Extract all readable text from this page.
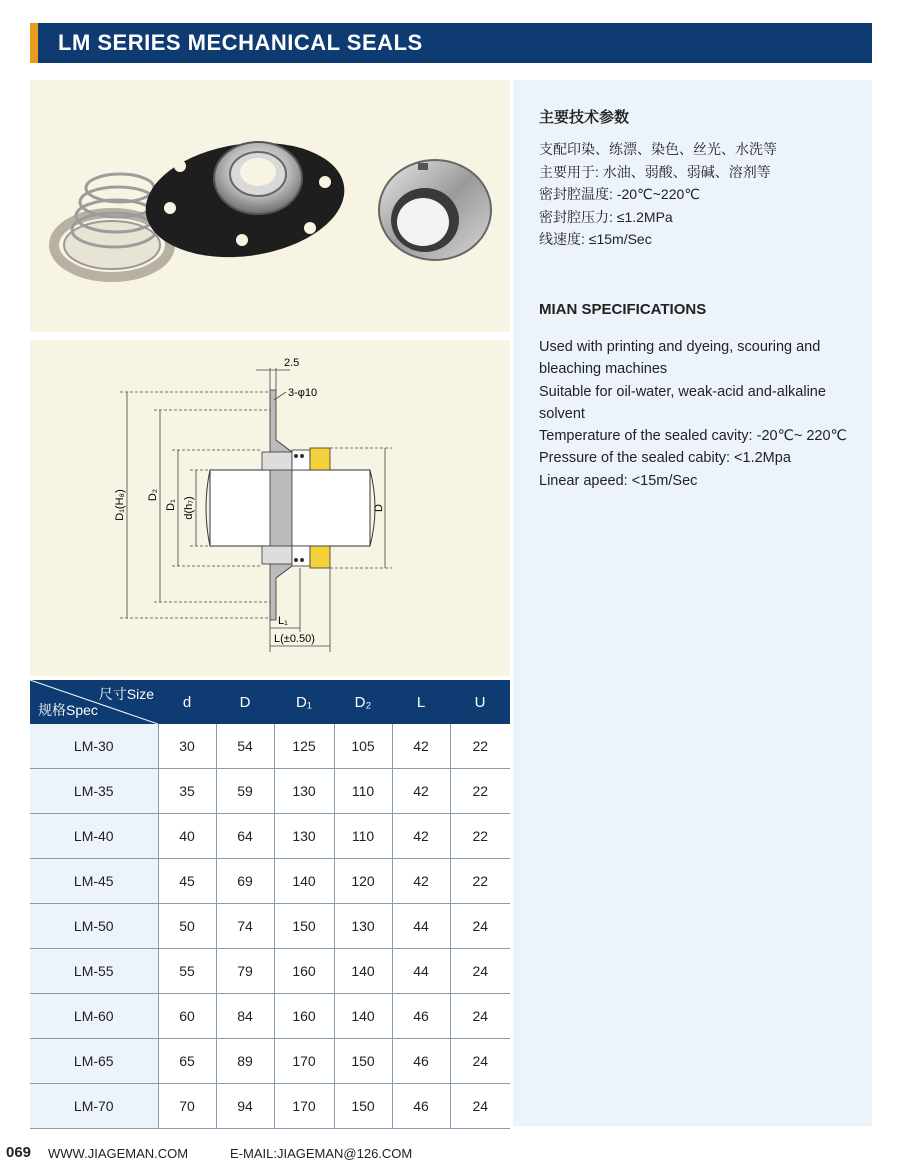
LM SERIES MECHANICAL SEALS
2.5
3-φ10
D₁(H₈) D₂
D₁ d(h₇)	D
L₁
L(±0.50)
主要技术参数
支配印染、练漂、染色、丝光、水洗等
主要用于: 水油、弱酸、弱碱、溶剂等
密封腔温度: -20℃~220℃
密封腔压力: ≤1.2MPa
线速度: ≤15m/Sec
MIAN SPECIFICATIONS
Used with printing and dyeing, scouring and bleaching machines
Suitable for oil-water, weak-acid and-alkaline solvent
Temperature of the sealed cavity: -20℃~ 220℃
Pressure of the sealed cabity: <1.2Mpa
Linear apeed: <15m/Sec
尺寸Size
规格Spec	d	D	D₁	D₂	L	U
LM-30	30	54	125	105	42	22
LM-35	35	59	130	110	42	22
LM-40	40	64	130	110	42	22
LM-45	45	69	140	120	42	22
LM-50	50	74	150	130	44	24
LM-55	55	79	160	140	44	24
LM-60	60	84	160	140	46	24
LM-65	65	89	170	150	46	24
LM-70	70	94	170	150	46	24
069 WWW.JIAGEMAN.COM	E-MAIL:JIAGEMAN@126.COM
